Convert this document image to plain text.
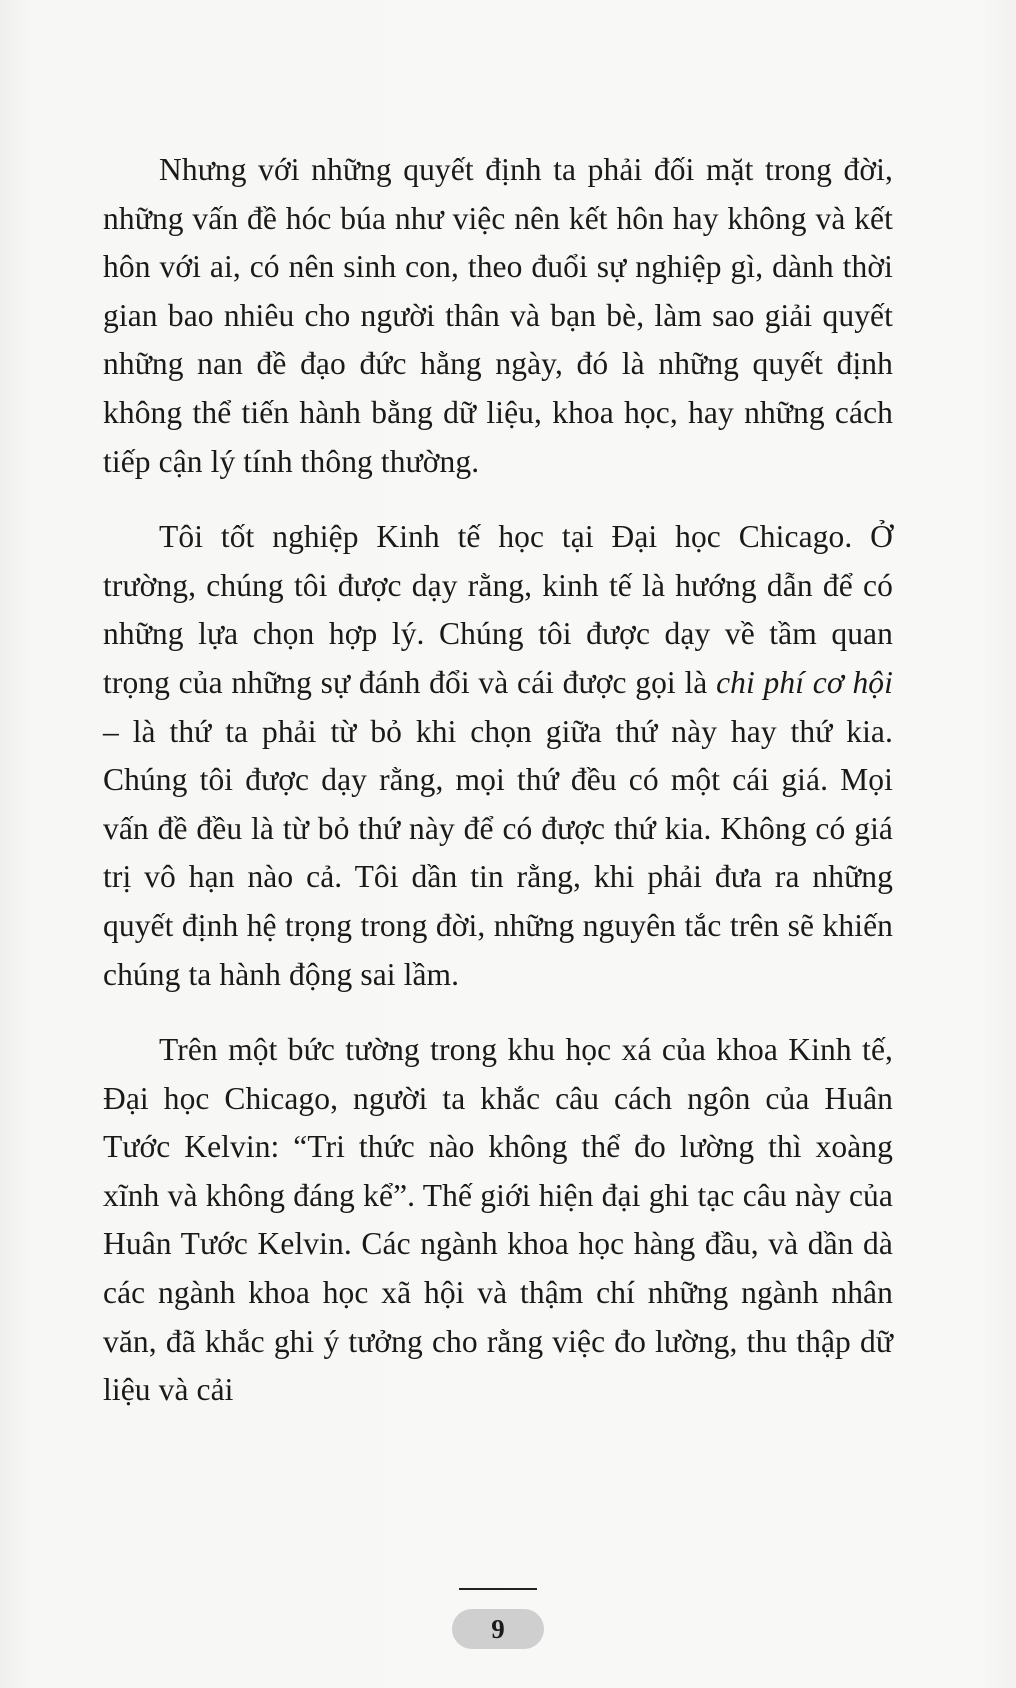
Nhưng với những quyết định ta phải đối mặt trong đời, những vấn đề hóc búa như việc nên kết hôn hay không và kết hôn với ai, có nên sinh con, theo đuổi sự nghiệp gì, dành thời gian bao nhiêu cho người thân và bạn bè, làm sao giải quyết những nan đề đạo đức hằng ngày, đó là những quyết định không thể tiến hành bằng dữ liệu, khoa học, hay những cách tiếp cận lý tính thông thường.

Tôi tốt nghiệp Kinh tế học tại Đại học Chicago. Ở trường, chúng tôi được dạy rằng, kinh tế là hướng dẫn để có những lựa chọn hợp lý. Chúng tôi được dạy về tầm quan trọng của những sự đánh đổi và cái được gọi là chi phí cơ hội – là thứ ta phải từ bỏ khi chọn giữa thứ này hay thứ kia. Chúng tôi được dạy rằng, mọi thứ đều có một cái giá. Mọi vấn đề đều là từ bỏ thứ này để có được thứ kia. Không có giá trị vô hạn nào cả. Tôi dần tin rằng, khi phải đưa ra những quyết định hệ trọng trong đời, những nguyên tắc trên sẽ khiến chúng ta hành động sai lầm.

Trên một bức tường trong khu học xá của khoa Kinh tế, Đại học Chicago, người ta khắc câu cách ngôn của Huân Tước Kelvin: “Tri thức nào không thể đo lường thì xoàng xĩnh và không đáng kể”. Thế giới hiện đại ghi tạc câu này của Huân Tước Kelvin. Các ngành khoa học hàng đầu, và dần dà các ngành khoa học xã hội và thậm chí những ngành nhân văn, đã khắc ghi ý tưởng cho rằng việc đo lường, thu thập dữ liệu và cải

9
